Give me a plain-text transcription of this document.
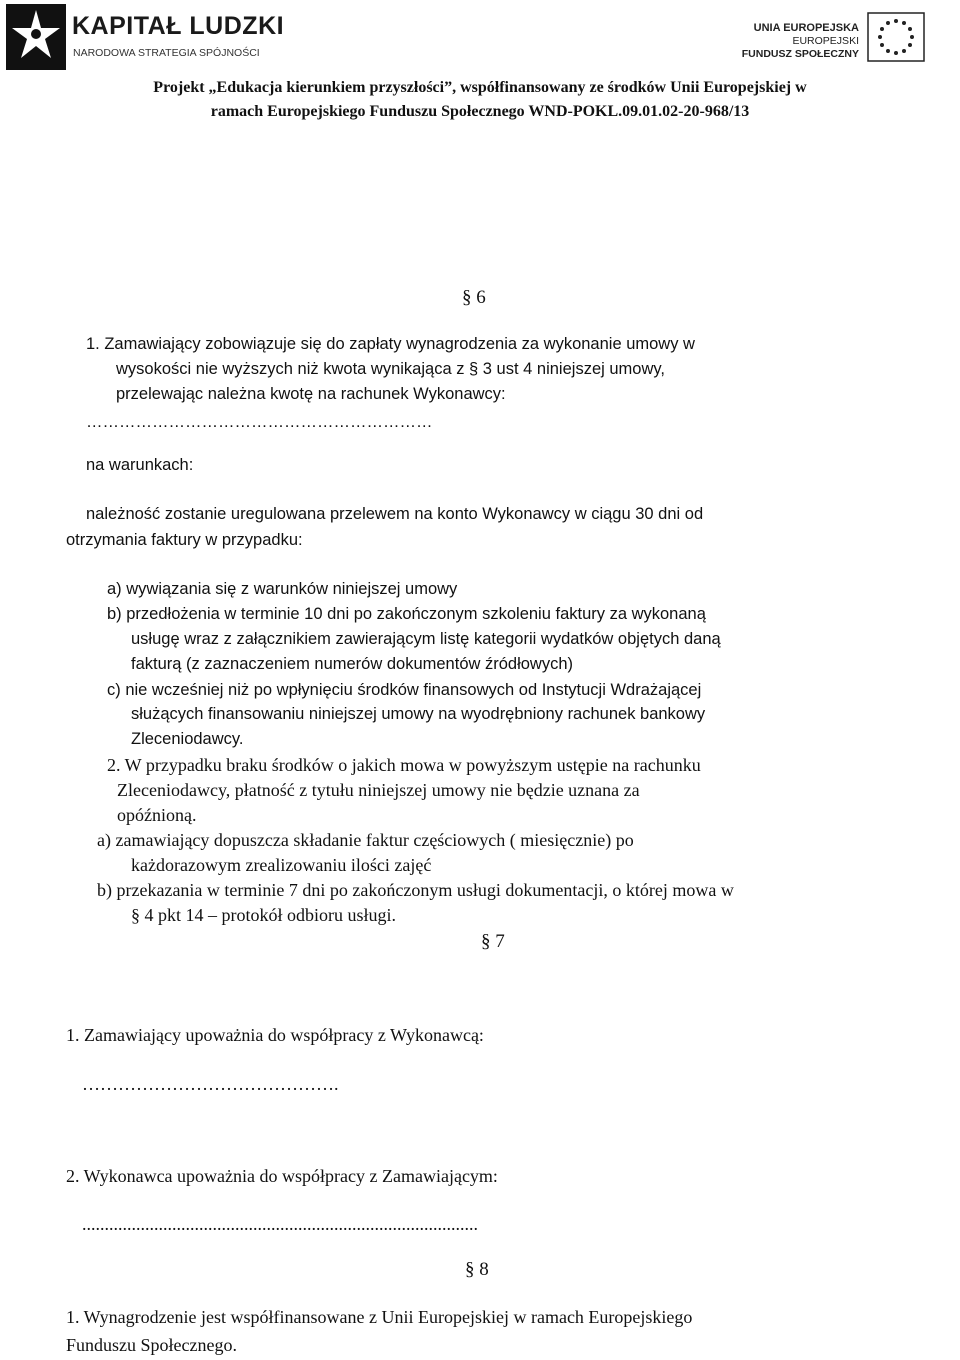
KAPITAŁ LUDZKI
NARODOWA STRATEGIA SPÓJNOŚCI
UNIA EUROPEJSKA
EUROPEJSKI
FUNDUSZ SPOŁECZNY
Projekt „Edukacja kierunkiem przyszłości”, współfinansowany ze środków Unii Europejskiej w
ramach Europejskiego Funduszu Społecznego WND-POKL.09.01.02-20-968/13
§ 6
1. Zamawiający zobowiązuje się do zapłaty wynagrodzenia za wykonanie umowy w
wysokości nie wyższych niż kwota wynikająca z § 3 ust 4 niniejszej umowy,
przelewając należna kwotę na rachunek Wykonawcy:
………………………………………………………
na warunkach:
należność zostanie uregulowana przelewem na konto Wykonawcy w ciągu 30 dni od
otrzymania faktury w przypadku:
a) wywiązania się z warunków niniejszej umowy
b) przedłożenia w terminie 10 dni po zakończonym szkoleniu faktury za wykonaną
usługę wraz z załącznikiem zawierającym listę kategorii wydatków objętych daną
fakturą (z zaznaczeniem numerów dokumentów źródłowych)
c) nie wcześniej niż po wpłynięciu środków finansowych od Instytucji Wdrażającej
służących finansowaniu niniejszej umowy na wyodrębniony rachunek bankowy
Zleceniodawcy.
2. W przypadku braku środków o jakich mowa w powyższym ustępie na rachunku
Zleceniodawcy, płatność z tytułu niniejszej umowy nie będzie uznana za
opóźnioną.
a) zamawiający dopuszcza składanie faktur częściowych ( miesięcznie) po
każdorazowym zrealizowaniu ilości zajęć
b) przekazania w terminie 7 dni po zakończonym usługi dokumentacji, o której mowa w
§ 4 pkt 14 – protokół odbioru usługi.
§ 7
1. Zamawiający upoważnia do współpracy z Wykonawcą:
…………………………………….
2. Wykonawca upoważnia do współpracy z Zamawiającym:
........................................................................................
§ 8
1. Wynagrodzenie jest współfinansowane z Unii Europejskiej w ramach Europejskiego
Funduszu Społecznego.
